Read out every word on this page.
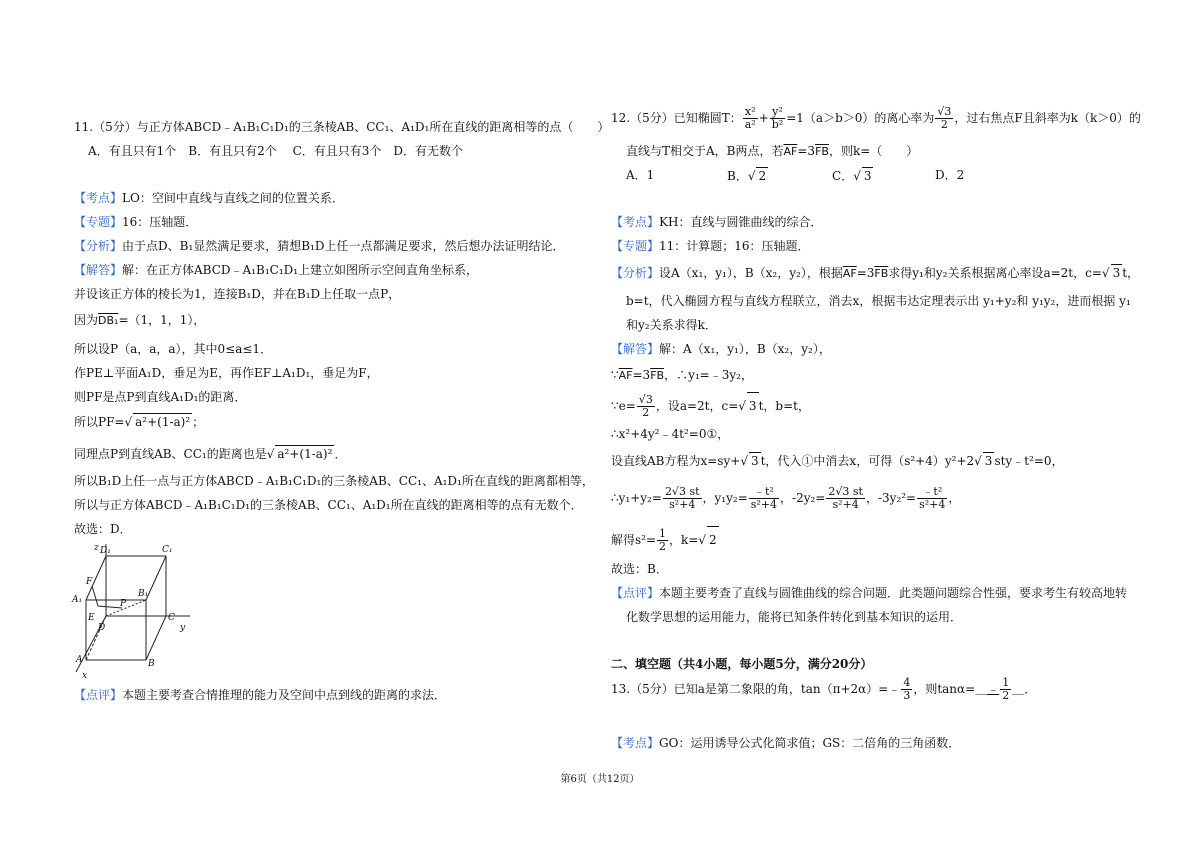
11.（5分）与正方体ABCD﹣A₁B₁C₁D₁的三条棱AB、CC₁、A₁D₁所在直线的距离相等的点（　　）
A．有且只有1个　B．有且只有2个　 C．有且只有3个　D．有无数个
【考点】LO：空间中直线与直线之间的位置关系．
【专题】16：压轴题．
【分析】由于点D、B₁显然满足要求，猜想B₁D上任一点都满足要求，然后想办法证明结论．
【解答】解：在正方体ABCD﹣A₁B₁C₁D₁上建立如图所示空间直角坐标系，
并设该正方体的棱长为1，连接B₁D，并在B₁D上任取一点P，
因为DB₁=（1，1，1），
所以设P（a，a，a），其中0≤a≤1．
作PE⊥平面A₁D，垂足为E，再作EF⊥A₁D₁，垂足为F，
则PF是点P到直线A₁D₁的距离．
所以PF=√ a²+(1-a)² ；
同理点P到直线AB、CC₁的距离也是√ a²+(1-a)² ．
所以B₁D上任一点与正方体ABCD﹣A₁B₁C₁D₁的三条棱AB、CC₁、A₁D₁所在直线的距离都相等，
所以与正方体ABCD﹣A₁B₁C₁D₁的三条棱AB、CC₁、A₁D₁所在直线的距离相等的点有无数个．
故选：D．
z D₁	C₁
F
B₁
A₁	P
E
D
C
y
A	B
x
【点评】本题主要考查合情推理的能力及空间中点到线的距离的求法．
12.（5分）已知椭圆T： $\frac{\text{x²}}{\text{a²}} + \frac{\text{y²}}{\text{b²}} =1(a>b>0)$的离心率为 $\frac{√3}{2}$ ，过右焦点F且斜率为k（k＞0）的
直线与T相交于A，B两点，若$\overline{AF}=3\overline{FB}$，则k=（　　）
A．1	B．√ 2	C．√ 3	D．2
【考点】KH：直线与圆锥曲线的综合．
【专题】11：计算题；16：压轴题．
【分析】设A（x₁，y₁），B（x₂，y₂），根据$\overline{AF}=3\overline{FB}$求得y₁和y₂关系根据离心率设a=2t，c=√ 3 t，
b=t，代入椭圆方程与直线方程联立，消去x，根据韦达定理表示出 y₁+y₂和 y₁y₂，进而根据 y₁
和y₂关系求得k．
【解答】解：A（x₁，y₁），B（x₂，y₂），
$\because\overline{AF}=3\overline{FB}$，∴y₁=﹣3y₂，
∵e= $\frac{√3}{2}$ ，设a=2t，c=√ 3 t，b=t，
∴x²+4y²﹣4t²=0①，
设直线AB方程为x=sy+√ 3 t，代入①中消去x，可得（s²+4）y²+2√ 3 sty﹣t²=0，
∴y₁+y₂= $\frac{2√3 st}{\text{s²+4}}$ ，$y_1y_2= \frac{\text{﹣t²}}{\text{s²+4}}$ ，$-2y_2= \frac{2√3 st}{\text{s²+4}}$ ，$-3y_2^2= \frac{\text{﹣t²}}{\text{s²+4}}$ ，
解得$s^2= \frac{1}{2}$ ，k=√ 2
故选：B．
【点评】本题主要考查了直线与圆锥曲线的综合问题．此类题问题综合性强，要求考生有较高地转
化数学思想的运用能力，能将已知条件转化到基本知识的运用．
二、填空题（共4小题，每小题5分，满分20分）
13.（5分）已知a是第二象限的角，tan（π+2α）=﹣ $\frac{4}{3}$ ，则tanα=＿﹣ $\frac{1}{2}$ ＿．
【考点】GO：运用诱导公式化简求值；GS：二倍角的三角函数．
第6页（共12页）
